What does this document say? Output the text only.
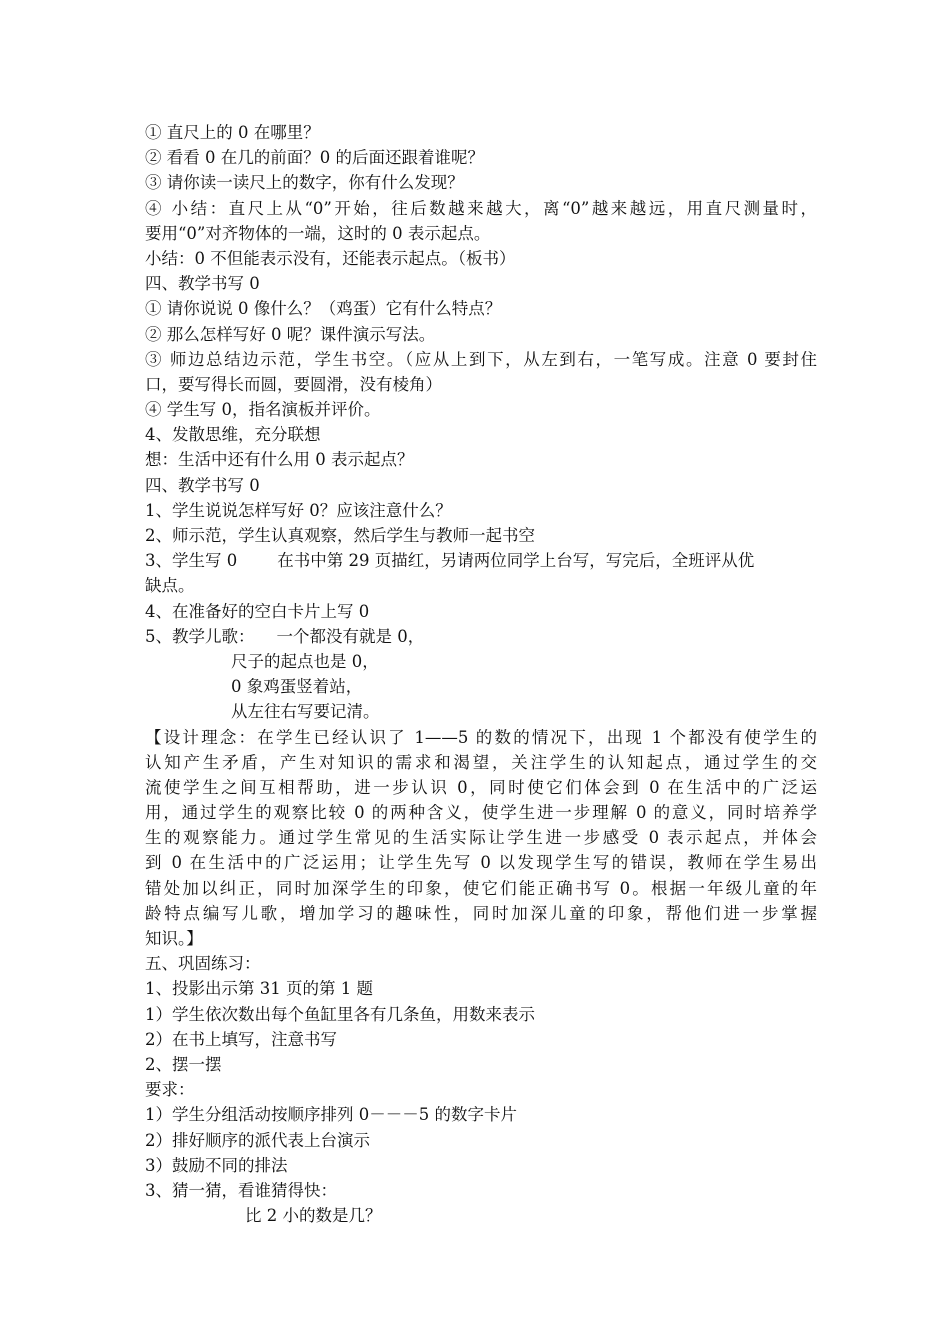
① 直尺上的 0 在哪里？
② 看看 0 在几的前面？0 的后面还跟着谁呢？
③ 请你读一读尺上的数字，你有什么发现？
④ 小结：直尺上从“0”开始，往后数越来越大，离“0”越来越远，用直尺测量时，
要用“0”对齐物体的一端，这时的 0 表示起点。
小结：0 不但能表示没有，还能表示起点。（板书）
四、教学书写 0
① 请你说说 0 像什么？（鸡蛋）它有什么特点？
② 那么怎样写好 0 呢？课件演示写法。
③ 师边总结边示范，学生书空。（应从上到下，从左到右，一笔写成。注意 0 要封住
口，要写得长而圆，要圆滑，没有棱角）
④ 学生写 0，指名演板并评价。
4、发散思维，充分联想
想：生活中还有什么用 0 表示起点？
四、教学书写 0
1、学生说说怎样写好 0？应该注意什么？
2、师示范，学生认真观察，然后学生与教师一起书空
3、学生写 0 在书中第 29 页描红，另请两位同学上台写，写完后，全班评从优
缺点。
4、在准备好的空白卡片上写 0
5、教学儿歌： 一个都没有就是 0，
尺子的起点也是 0，
0 象鸡蛋竖着站，
从左往右写要记清。
【设计理念：在学生已经认识了 1——5 的数的情况下，出现 1 个都没有使学生的
认知产生矛盾，产生对知识的需求和渴望，关注学生的认知起点，通过学生的交
流使学生之间互相帮助，进一步认识 0，同时使它们体会到 0 在生活中的广泛运
用，通过学生的观察比较 0 的两种含义，使学生进一步理解 0 的意义，同时培养学
生的观察能力。通过学生常见的生活实际让学生进一步感受 0 表示起点，并体会
到 0 在生活中的广泛运用；让学生先写 0 以发现学生写的错误，教师在学生易出
错处加以纠正，同时加深学生的印象，使它们能正确书写 0。根据一年级儿童的年
龄特点编写儿歌，增加学习的趣味性，同时加深儿童的印象，帮他们进一步掌握
知识。】
五、巩固练习：
1、投影出示第 31 页的第 1 题
1）学生依次数出每个鱼缸里各有几条鱼，用数来表示
2）在书上填写，注意书写
2、摆一摆
要求：
1）学生分组活动按顺序排列 0－－－5 的数字卡片
2）排好顺序的派代表上台演示
3）鼓励不同的排法
3、猜一猜，看谁猜得快：
比 2 小的数是几？
